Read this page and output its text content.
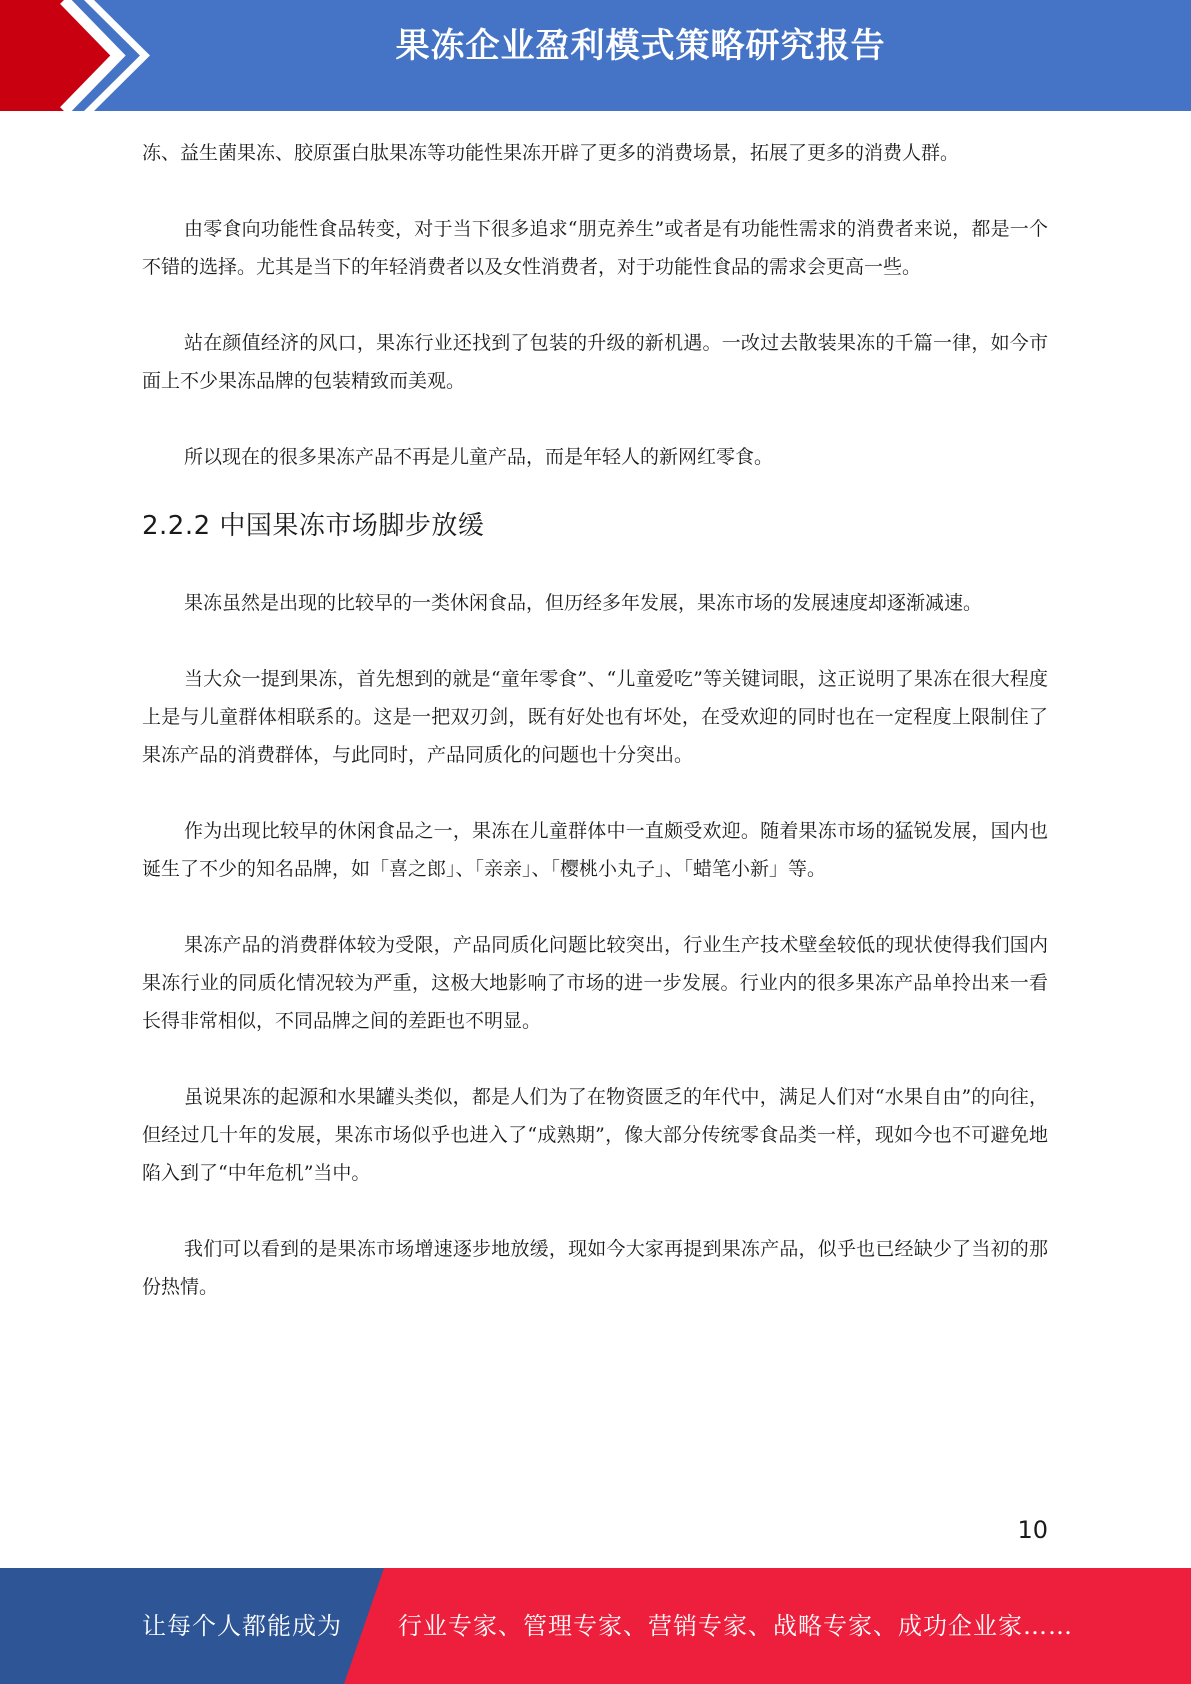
果冻企业盈利模式策略研究报告

冻、益生菌果冻、胶原蛋白肽果冻等功能性果冻开辟了更多的消费场景，拓展了更多的消费人群。

由零食向功能性食品转变，对于当下很多追求“朋克养生”或者是有功能性需求的消费者来说，都是一个不错的选择。尤其是当下的年轻消费者以及女性消费者，对于功能性食品的需求会更高一些。

站在颜值经济的风口，果冻行业还找到了包装的升级的新机遇。一改过去散装果冻的千篇一律，如今市面上不少果冻品牌的包装精致而美观。

所以现在的很多果冻产品不再是儿童产品，而是年轻人的新网红零食。

2.2.2 中国果冻市场脚步放缓

果冻虽然是出现的比较早的一类休闲食品，但历经多年发展，果冻市场的发展速度却逐渐减速。

当大众一提到果冻，首先想到的就是“童年零食”、“儿童爱吃”等关键词眼，这正说明了果冻在很大程度上是与儿童群体相联系的。这是一把双刃剑，既有好处也有坏处，在受欢迎的同时也在一定程度上限制住了果冻产品的消费群体，与此同时，产品同质化的问题也十分突出。

作为出现比较早的休闲食品之一，果冻在儿童群体中一直颇受欢迎。随着果冻市场的猛锐发展，国内也诞生了不少的知名品牌，如「喜之郎」、「亲亲」、「樱桃小丸子」、「蜡笔小新」等。

果冻产品的消费群体较为受限，产品同质化问题比较突出，行业生产技术壁垒较低的现状使得我们国内果冻行业的同质化情况较为严重，这极大地影响了市场的进一步发展。行业内的很多果冻产品单拎出来一看长得非常相似，不同品牌之间的差距也不明显。

虽说果冻的起源和水果罐头类似，都是人们为了在物资匮乏的年代中，满足人们对“水果自由”的向往，但经过几十年的发展，果冻市场似乎也进入了“成熟期”，像大部分传统零食品类一样，现如今也不可避免地陷入到了“中年危机”当中。

我们可以看到的是果冻市场增速逐步地放缓，现如今大家再提到果冻产品，似乎也已经缺少了当初的那份热情。

10
让每个人都能成为 行业专家、管理专家、营销专家、战略专家、成功企业家……
